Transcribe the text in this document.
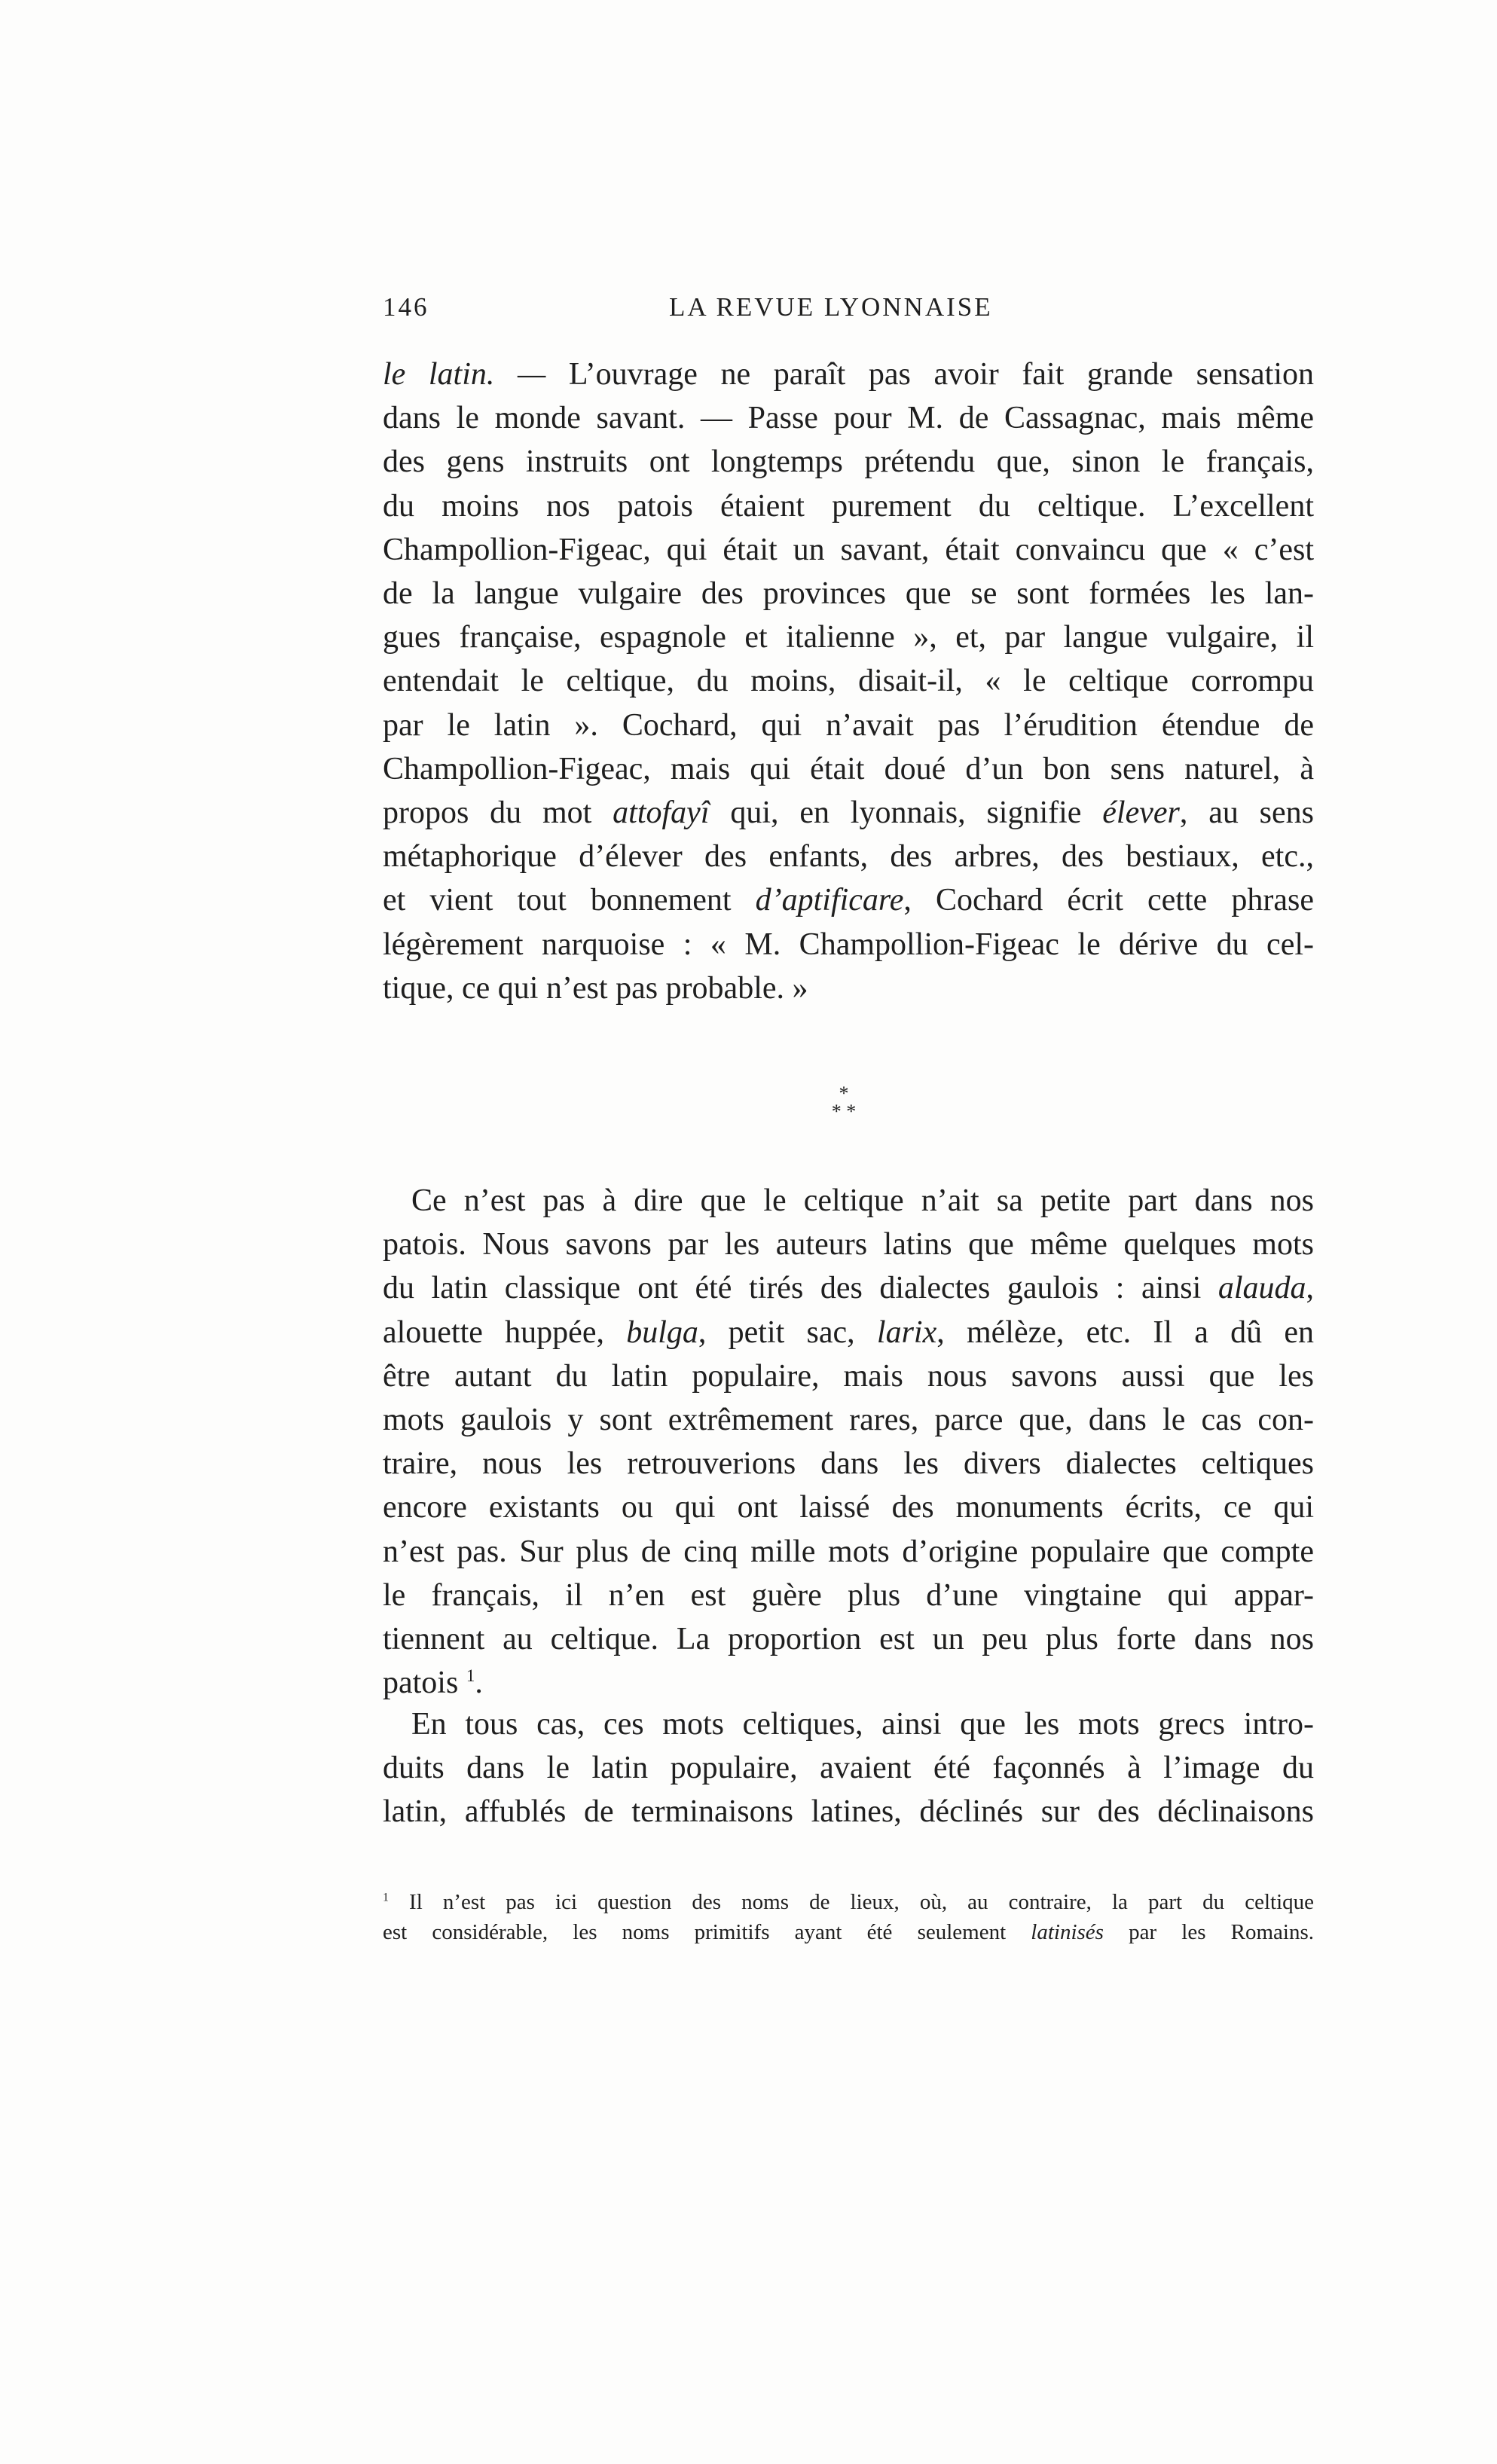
146	LA REVUE LYONNAISE

le latin. — L’ouvrage ne paraît pas avoir fait grande sensation

dans le monde savant. — Passe pour M. de Cassagnac, mais même

des gens instruits ont longtemps prétendu que, sinon le français,

du moins nos patois étaient purement du celtique. L’excellent

Champollion-Figeac, qui était un savant, était convaincu que « c’est

de la langue vulgaire des provinces que se sont formées les lan-

gues française, espagnole et italienne », et, par langue vulgaire, il

entendait le celtique, du moins, disait-il, « le celtique corrompu

par le latin ». Cochard, qui n’avait pas l’érudition étendue de

Champollion-Figeac, mais qui était doué d’un bon sens naturel, à

propos du mot attofayî qui, en lyonnais, signifie élever, au sens

métaphorique d’élever des enfants, des arbres, des bestiaux, etc.,

et vient tout bonnement d’aptificare, Cochard écrit cette phrase

légèrement narquoise : « M. Champollion-Figeac le dérive du cel-

tique, ce qui n’est pas probable. »

*
* *

Ce n’est pas à dire que le celtique n’ait sa petite part dans nos

patois. Nous savons par les auteurs latins que même quelques mots

du latin classique ont été tirés des dialectes gaulois : ainsi alauda,

alouette huppée, bulga, petit sac, larix, mélèze, etc. Il a dû en

être autant du latin populaire, mais nous savons aussi que les

mots gaulois y sont extrêmement rares, parce que, dans le cas con-

traire, nous les retrouverions dans les divers dialectes celtiques

encore existants ou qui ont laissé des monuments écrits, ce qui

n’est pas. Sur plus de cinq mille mots d’origine populaire que compte

le français, il n’en est guère plus d’une vingtaine qui appar-

tiennent au celtique. La proportion est un peu plus forte dans nos

patois $^1$.

En tous cas, ces mots celtiques, ainsi que les mots grecs intro-

duits dans le latin populaire, avaient été façonnés à l’image du

latin, affublés de terminaisons latines, déclinés sur des déclinaisons

$^1$ Il n’est pas ici question des noms de lieux, où, au contraire, la part du celtique

est considérable, les noms primitifs ayant été seulement latinisés par les Romains.
